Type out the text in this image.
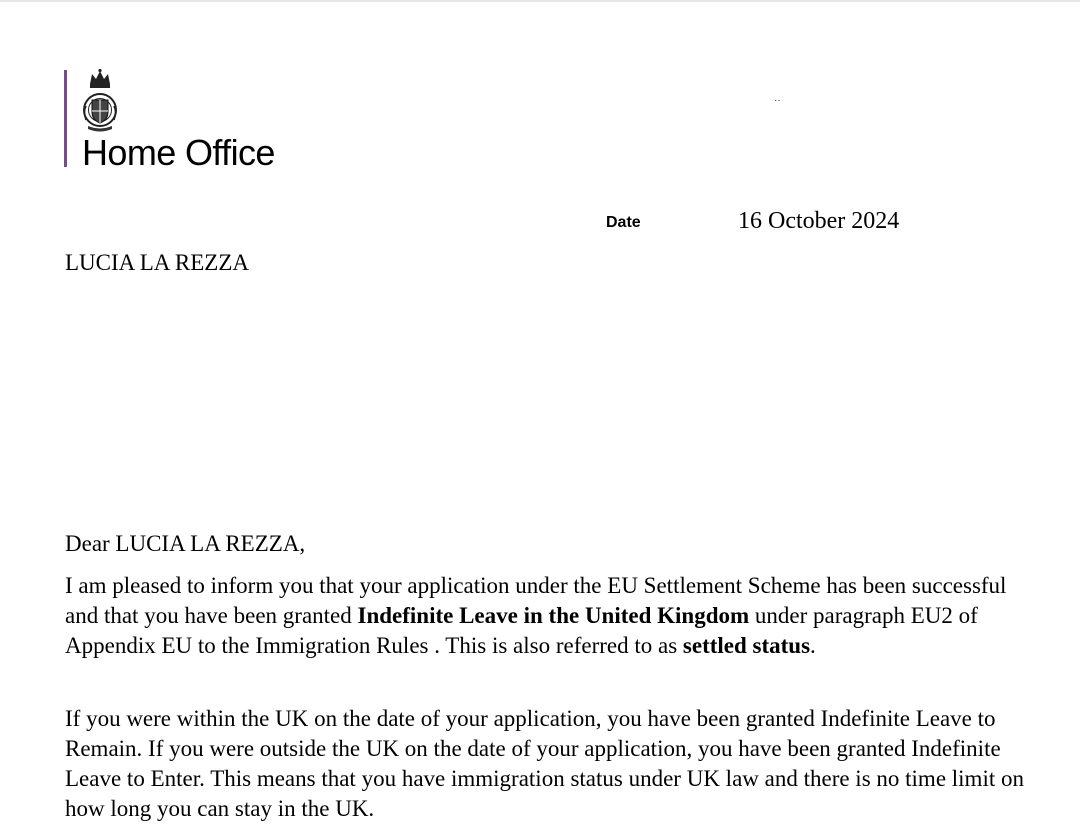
Home Office
‥
Date	16 October 2024
LUCIA LA REZZA
Dear LUCIA LA REZZA,

I am pleased to inform you that your application under the EU Settlement Scheme has been successful and that you have been granted Indefinite Leave in the United Kingdom under paragraph EU2 of Appendix EU to the Immigration Rules . This is also referred to as settled status.

If you were within the UK on the date of your application, you have been granted Indefinite Leave to Remain. If you were outside the UK on the date of your application, you have been granted Indefinite Leave to Enter. This means that you have immigration status under UK law and there is no time limit on how long you can stay in the UK.
